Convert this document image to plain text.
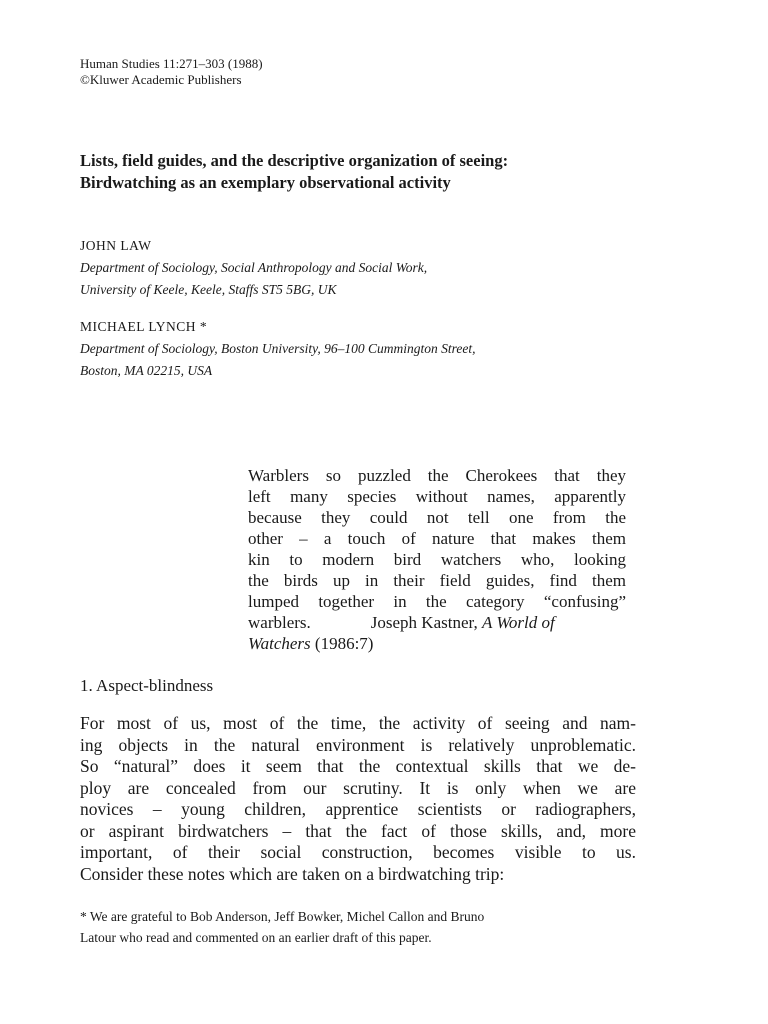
Human Studies 11:271–303 (1988)
©Kluwer Academic Publishers
Lists, field guides, and the descriptive organization of seeing:
Birdwatching as an exemplary observational activity
JOHN LAW
Department of Sociology, Social Anthropology and Social Work,
University of Keele, Keele, Staffs ST5 5BG, UK
MICHAEL LYNCH *
Department of Sociology, Boston University, 96–100 Cummington Street,
Boston, MA 02215, USA
Warblers so puzzled the Cherokees that they
left many species without names, apparently
because they could not tell one from the
other – a touch of nature that makes them
kin to modern bird watchers who, looking
the birds up in their field guides, find them
lumped together in the category “confusing”
warblers.	Joseph Kastner, A World of
Watchers (1986:7)
1. Aspect-blindness
For most of us, most of the time, the activity of seeing and nam-
ing objects in the natural environment is relatively unproblematic.
So “natural” does it seem that the contextual skills that we de-
ploy are concealed from our scrutiny. It is only when we are
novices – young children, apprentice scientists or radiographers,
or aspirant birdwatchers – that the fact of those skills, and, more
important, of their social construction, becomes visible to us.
Consider these notes which are taken on a birdwatching trip:
* We are grateful to Bob Anderson, Jeff Bowker, Michel Callon and Bruno
Latour who read and commented on an earlier draft of this paper.
